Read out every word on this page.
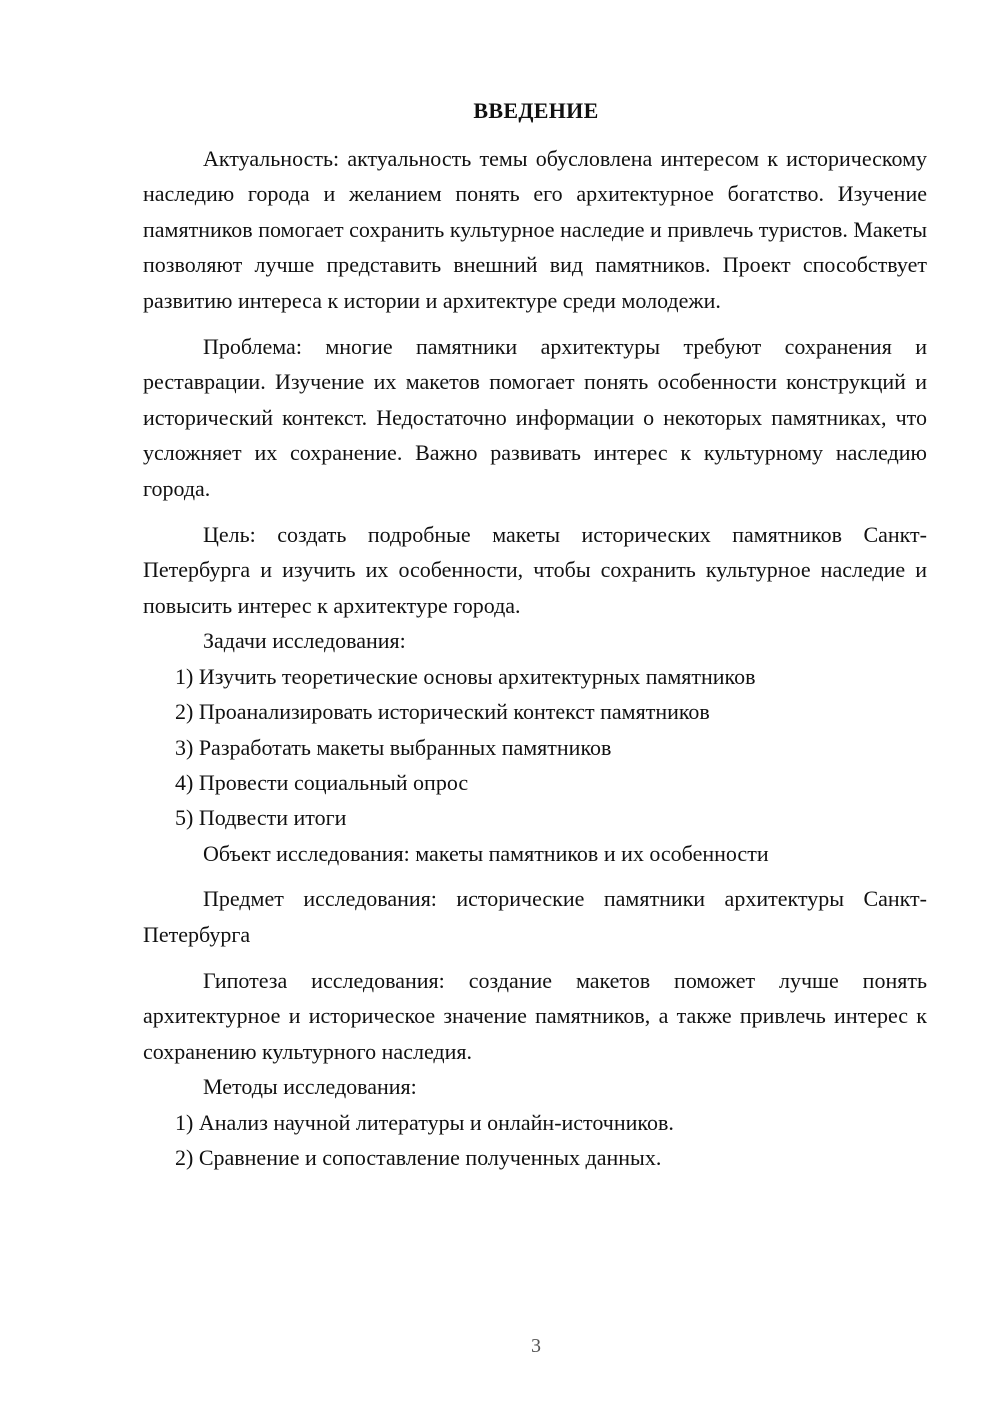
ВВЕДЕНИЕ

Актуальность: актуальность темы обусловлена интересом к историческому наследию города и желанием понять его архитектурное богатство. Изучение памятников помогает сохранить культурное наследие и привлечь туристов. Макеты позволяют лучше представить внешний вид памятников. Проект способствует развитию интереса к истории и архитектуре среди молодежи.

Проблема: многие памятники архитектуры требуют сохранения и реставрации. Изучение их макетов помогает понять особенности конструкций и исторический контекст. Недостаточно информации о некоторых памятниках, что усложняет их сохранение. Важно развивать интерес к культурному наследию города.

Цель: создать подробные макеты исторических памятников Санкт-Петербурга и изучить их особенности, чтобы сохранить культурное наследие и повысить интерес к архитектуре города.

Задачи исследования:

1) Изучить теоретические основы архитектурных памятников

2) Проанализировать исторический контекст памятников

3) Разработать макеты выбранных памятников

4) Провести социальный опрос

5) Подвести итоги

Объект исследования: макеты памятников и их особенности

Предмет исследования: исторические памятники архитектуры Санкт-Петербурга

Гипотеза исследования: создание макетов поможет лучше понять архитектурное и историческое значение памятников, а также привлечь интерес к сохранению культурного наследия.

Методы исследования:

1) Анализ научной литературы и онлайн-источников.

2) Сравнение и сопоставление полученных данных.

3
